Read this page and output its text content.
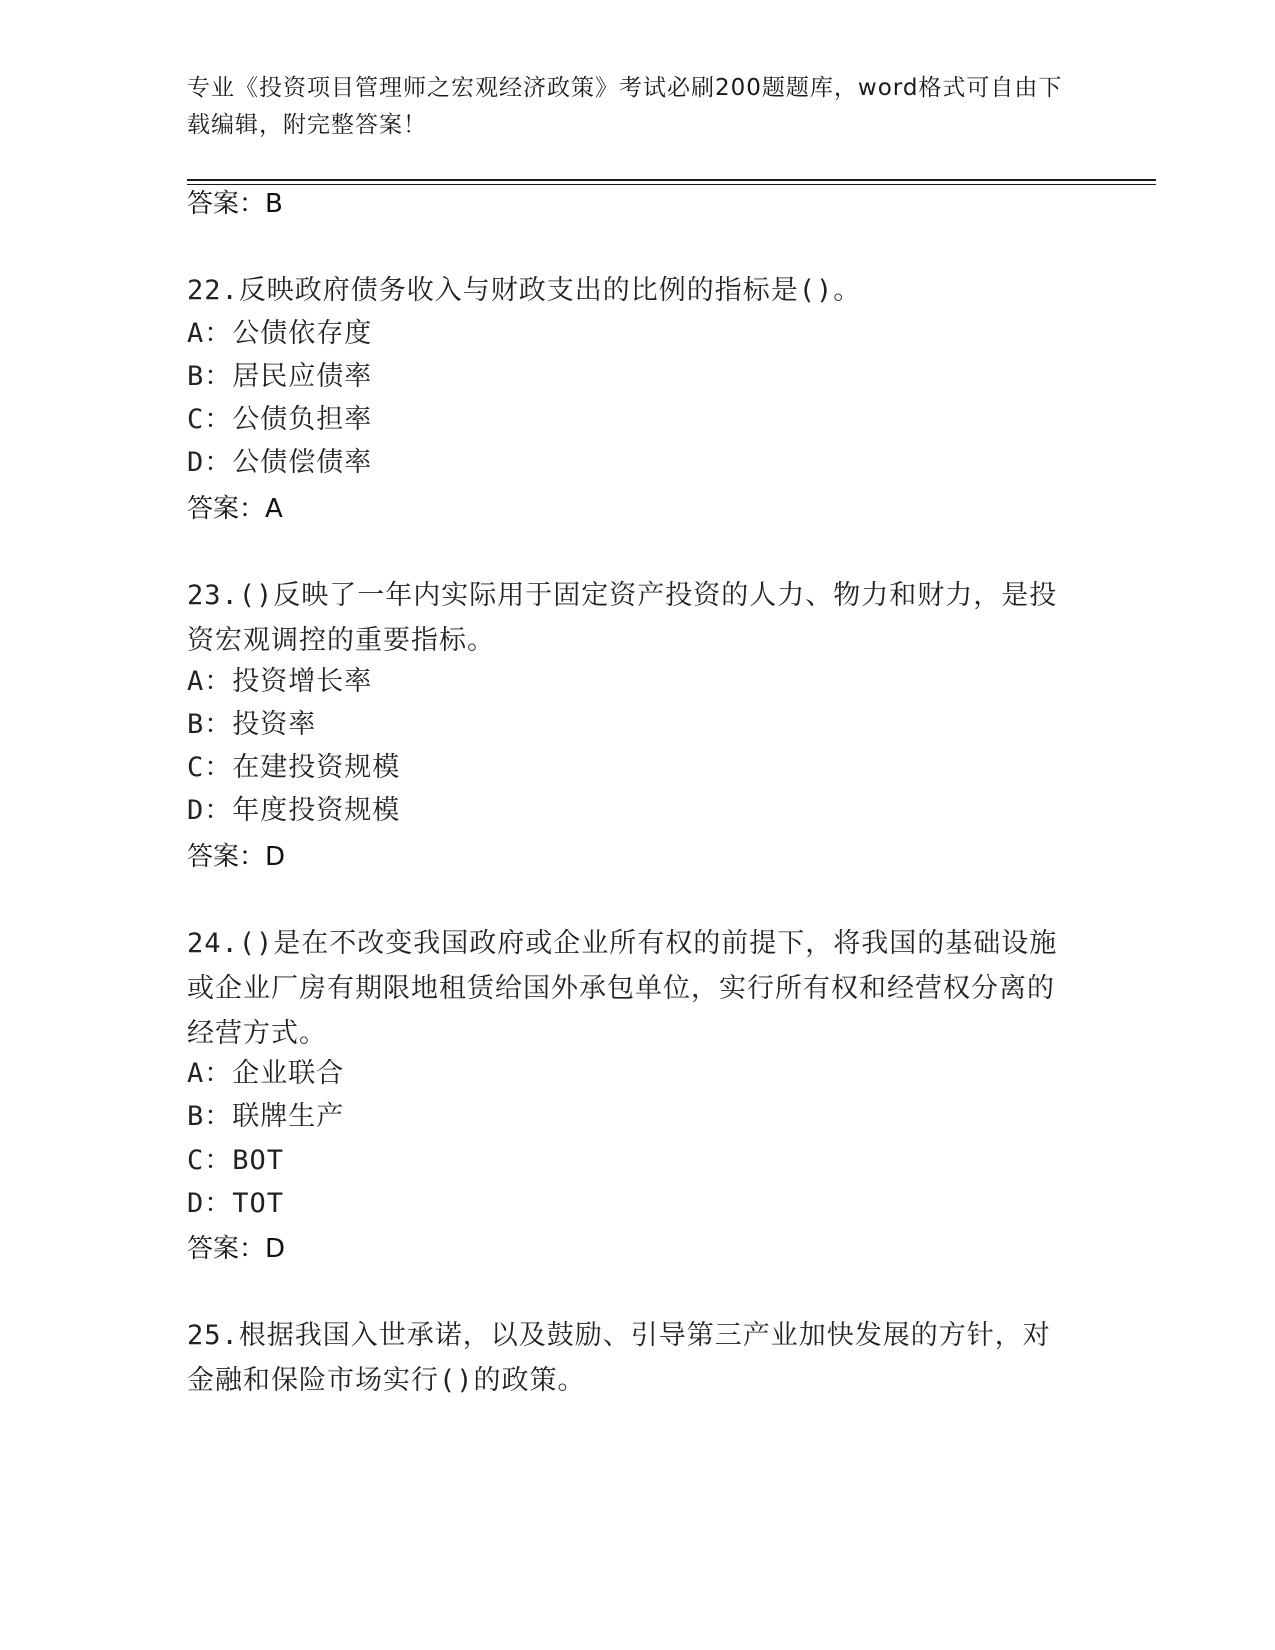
专业《投资项目管理师之宏观经济政策》考试必刷200题题库，word格式可自由下载编辑，附完整答案！
答案：B
22.反映政府债务收入与财政支出的比例的指标是()。
A：公债依存度
B：居民应债率
C：公债负担率
D：公债偿债率
答案：A
23.()反映了一年内实际用于固定资产投资的人力、物力和财力，是投资宏观调控的重要指标。
A：投资增长率
B：投资率
C：在建投资规模
D：年度投资规模
答案：D
24.()是在不改变我国政府或企业所有权的前提下，将我国的基础设施或企业厂房有期限地租赁给国外承包单位，实行所有权和经营权分离的经营方式。
A：企业联合
B：联牌生产
C：BOT
D：TOT
答案：D
25.根据我国入世承诺，以及鼓励、引导第三产业加快发展的方针，对金融和保险市场实行()的政策。
